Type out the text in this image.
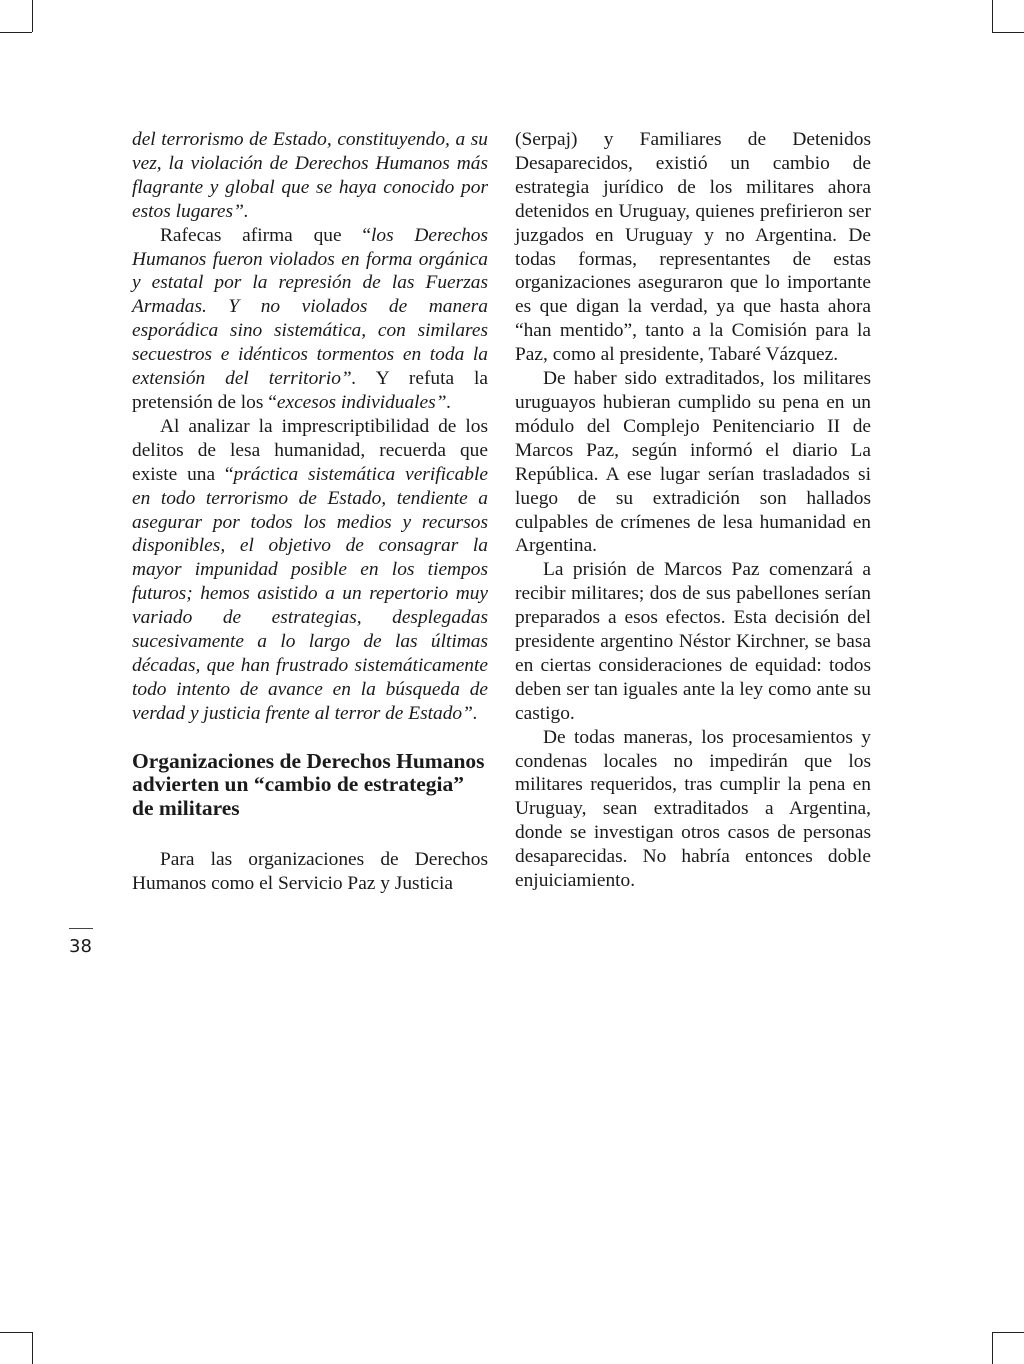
del terrorismo de Estado, constituyendo, a su vez, la violación de Derechos Humanos más flagrante y global que se haya conocido por estos lugares”.

Rafecas afirma que “los Derechos Humanos fueron violados en forma orgánica y estatal por la represión de las Fuerzas Armadas. Y no violados de manera esporádica sino sistemática, con similares secuestros e idénticos tormentos en toda la extensión del territorio”. Y refuta la pretensión de los “excesos individuales”.

Al analizar la imprescriptibilidad de los delitos de lesa humanidad, recuerda que existe una “práctica sistemática verificable en todo terrorismo de Estado, tendiente a asegurar por todos los medios y recursos disponibles, el objetivo de consagrar la mayor impunidad posible en los tiempos futuros; hemos asistido a un repertorio muy variado de estrategias, desplegadas sucesivamente a lo largo de las últimas décadas, que han frustrado sistemáticamente todo intento de avance en la búsqueda de verdad y justicia frente al terror de Estado”.

Organizaciones de Derechos Humanos advierten un “cambio de estrategia” de militares

Para las organizaciones de Derechos Humanos como el Servicio Paz y Justicia

(Serpaj) y Familiares de Detenidos Desaparecidos, existió un cambio de estrategia jurídico de los militares ahora detenidos en Uruguay, quienes prefirieron ser juzgados en Uruguay y no Argentina. De todas formas, representantes de estas organizaciones aseguraron que lo importante es que digan la verdad, ya que hasta ahora “han mentido”, tanto a la Comisión para la Paz, como al presidente, Tabaré Vázquez.

De haber sido extraditados, los militares uruguayos hubieran cumplido su pena en un módulo del Complejo Penitenciario II de Marcos Paz, según informó el diario La República. A ese lugar serían trasladados si luego de su extradición son hallados culpables de crímenes de lesa humanidad en Argentina.

La prisión de Marcos Paz comenzará a recibir militares; dos de sus pabellones serían preparados a esos efectos. Esta decisión del presidente argentino Néstor Kirchner, se basa en ciertas consideraciones de equidad: todos deben ser tan iguales ante la ley como ante su castigo.

De todas maneras, los procesamientos y condenas locales no impedirán que los militares requeridos, tras cumplir la pena en Uruguay, sean extraditados a Argentina, donde se investigan otros casos de personas desaparecidas. No habría entonces doble enjuiciamiento.

38
